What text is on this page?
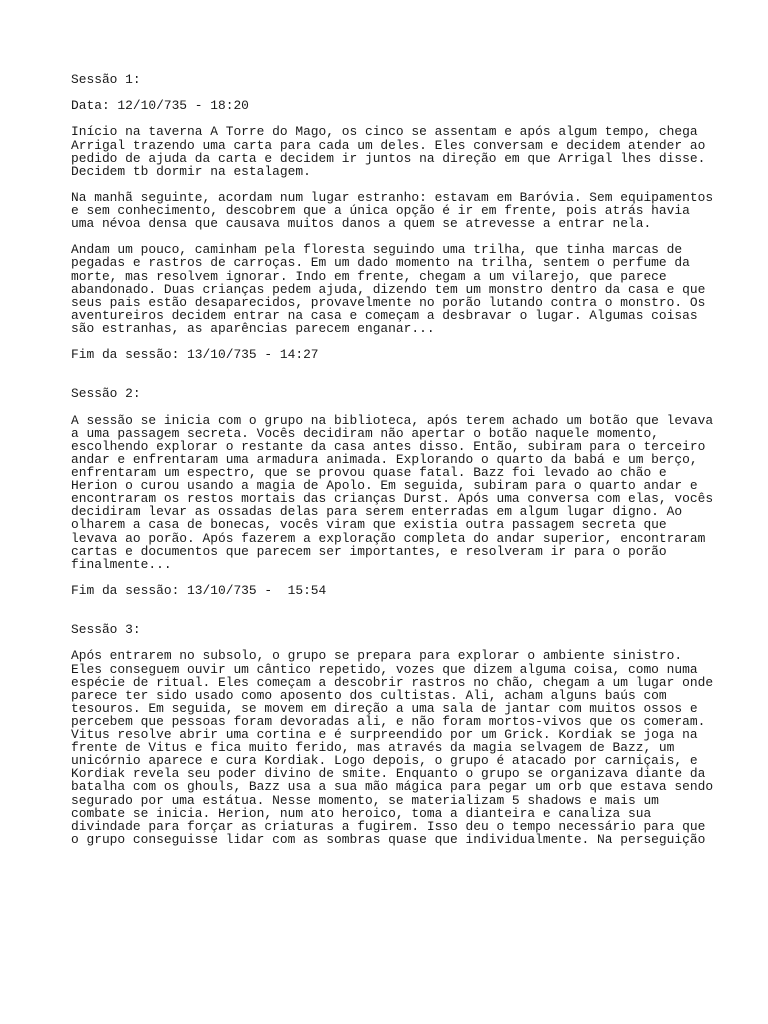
Sessão 1:
Data: 12/10/735 - 18:20
Início na taverna A Torre do Mago, os cinco se assentam e após algum tempo, chega
Arrigal trazendo uma carta para cada um deles. Eles conversam e decidem atender ao
pedido de ajuda da carta e decidem ir juntos na direção em que Arrigal lhes disse.
Decidem tb dormir na estalagem.
Na manhã seguinte, acordam num lugar estranho: estavam em Baróvia. Sem equipamentos
e sem conhecimento, descobrem que a única opção é ir em frente, pois atrás havia
uma névoa densa que causava muitos danos a quem se atrevesse a entrar nela.
Andam um pouco, caminham pela floresta seguindo uma trilha, que tinha marcas de
pegadas e rastros de carroças. Em um dado momento na trilha, sentem o perfume da
morte, mas resolvem ignorar. Indo em frente, chegam a um vilarejo, que parece
abandonado. Duas crianças pedem ajuda, dizendo tem um monstro dentro da casa e que
seus pais estão desaparecidos, provavelmente no porão lutando contra o monstro. Os
aventureiros decidem entrar na casa e começam a desbravar o lugar. Algumas coisas
são estranhas, as aparências parecem enganar...
Fim da sessão: 13/10/735 - 14:27
Sessão 2:
A sessão se inicia com o grupo na biblioteca, após terem achado um botão que levava
a uma passagem secreta. Vocês decidiram não apertar o botão naquele momento,
escolhendo explorar o restante da casa antes disso. Então, subiram para o terceiro
andar e enfrentaram uma armadura animada. Explorando o quarto da babá e um berço,
enfrentaram um espectro, que se provou quase fatal. Bazz foi levado ao chão e
Herion o curou usando a magia de Apolo. Em seguida, subiram para o quarto andar e
encontraram os restos mortais das crianças Durst. Após uma conversa com elas, vocês
decidiram levar as ossadas delas para serem enterradas em algum lugar digno. Ao
olharem a casa de bonecas, vocês viram que existia outra passagem secreta que
levava ao porão. Após fazerem a exploração completa do andar superior, encontraram
cartas e documentos que parecem ser importantes, e resolveram ir para o porão
finalmente...
Fim da sessão: 13/10/735 -  15:54
Sessão 3:
Após entrarem no subsolo, o grupo se prepara para explorar o ambiente sinistro.
Eles conseguem ouvir um cântico repetido, vozes que dizem alguma coisa, como numa
espécie de ritual. Eles começam a descobrir rastros no chão, chegam a um lugar onde
parece ter sido usado como aposento dos cultistas. Ali, acham alguns baús com
tesouros. Em seguida, se movem em direção a uma sala de jantar com muitos ossos e
percebem que pessoas foram devoradas ali, e não foram mortos-vivos que os comeram.
Vitus resolve abrir uma cortina e é surpreendido por um Grick. Kordiak se joga na
frente de Vitus e fica muito ferido, mas através da magia selvagem de Bazz, um
unicórnio aparece e cura Kordiak. Logo depois, o grupo é atacado por carniçais, e
Kordiak revela seu poder divino de smite. Enquanto o grupo se organizava diante da
batalha com os ghouls, Bazz usa a sua mão mágica para pegar um orb que estava sendo
segurado por uma estátua. Nesse momento, se materializam 5 shadows e mais um
combate se inicia. Herion, num ato heroico, toma a dianteira e canaliza sua
divindade para forçar as criaturas a fugirem. Isso deu o tempo necessário para que
o grupo conseguisse lidar com as sombras quase que individualmente. Na perseguição
